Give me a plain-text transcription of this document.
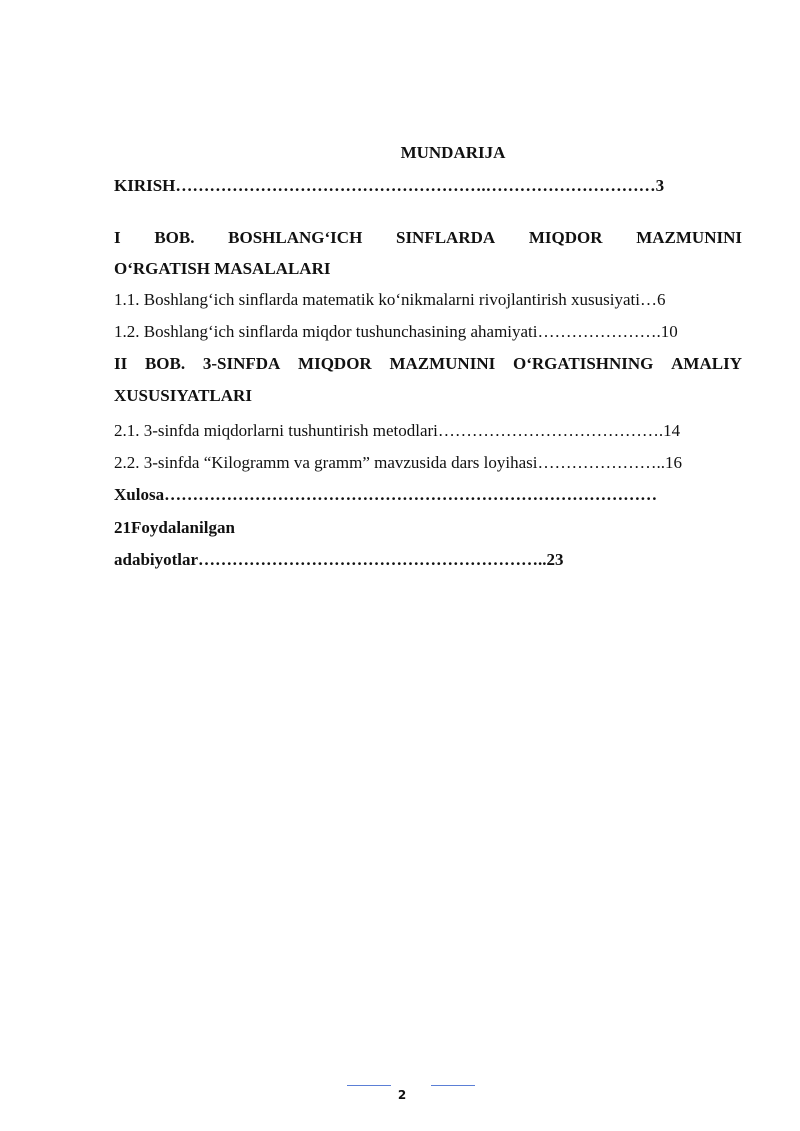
MUNDARIJA
KIRISH……………………………………………….…………………………3
I BOB. BOSHLANG‘ICH SINFLARDA MIQDOR MAZMUNINI
O‘RGATISH MASALALARI
1.1. Boshlang‘ich sinflarda matematik ko‘nikmalarni rivojlantirish xususiyati…6
1.2. Boshlang‘ich sinflarda miqdor tushunchasining ahamiyati………………….10
II BOB. 3-SINFDA MIQDOR MAZMUNINI O‘RGATISHNING AMALIY
XUSUSIYATLARI
2.1. 3-sinfda miqdorlarni tushuntirish metodlari………………………………….14
2.2. 3-sinfda “Kilogramm va gramm” mavzusida dars loyihasi…………………..16
Xulosa……………………………………………………………………………
21Foydalanilgan
adabiyotlar……………………………………………………..23
2
